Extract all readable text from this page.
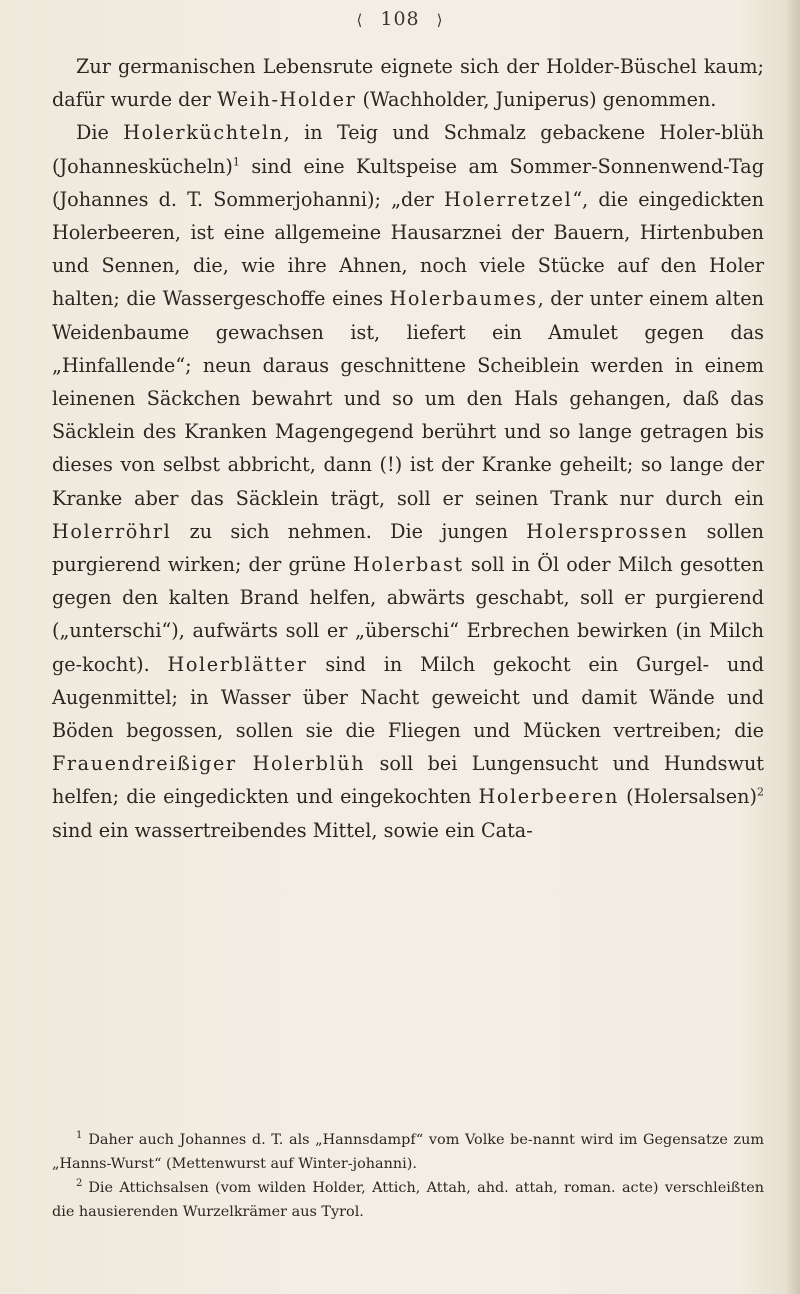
⟨ 108 ⟩

Zur germanischen Lebensrute eignete sich der Holder-Büschel kaum; dafür wurde der Weih-Holder (Wachholder, Juniperus) genommen.

Die Holerküchteln, in Teig und Schmalz gebackene Holer-blüh (Johanneskücheln)$^1$ sind eine Kultspeise am Sommer-Sonnenwend-Tag (Johannes d. T. Sommerjohanni); „der Holerretzel“, die eingedickten Holerbeeren, ist eine allgemeine Hausarznei der Bauern, Hirtenbuben und Sennen, die, wie ihre Ahnen, noch viele Stücke auf den Holer halten; die Wassergeschoffe eines Holerbaumes, der unter einem alten Weidenbaume gewachsen ist, liefert ein Amulet gegen das „Hinfallende“; neun daraus geschnittene Scheiblein werden in einem leinenen Säckchen bewahrt und so um den Hals gehangen, daß das Säcklein des Kranken Magengegend berührt und so lange getragen bis dieses von selbst abbricht, dann (!) ist der Kranke geheilt; so lange der Kranke aber das Säcklein trägt, soll er seinen Trank nur durch ein Holerröhrl zu sich nehmen. Die jungen Holersprossen sollen purgierend wirken; der grüne Holerbast soll in Öl oder Milch gesotten gegen den kalten Brand helfen, abwärts geschabt, soll er purgierend („unterschi“), aufwärts soll er „überschi“ Erbrechen bewirken (in Milch ge-kocht). Holerblätter sind in Milch gekocht ein Gurgel- und Augenmittel; in Wasser über Nacht geweicht und damit Wände und Böden begossen, sollen sie die Fliegen und Mücken vertreiben; die Frauendreißiger Holerblüh soll bei Lungensucht und Hundswut helfen; die eingedickten und eingekochten Holerbeeren (Holersalsen)$^2$ sind ein wassertreibendes Mittel, sowie ein Cata-

$^1$ Daher auch Johannes d. T. als „Hannsdampf“ vom Volke be-nannt wird im Gegensatze zum „Hanns-Wurst“ (Mettenwurst auf Winter-johanni).

$^2$ Die Attichsalsen (vom wilden Holder, Attich, Attah, ahd. attah, roman. acte) verschleißten die hausierenden Wurzelkrämer aus Tyrol.
